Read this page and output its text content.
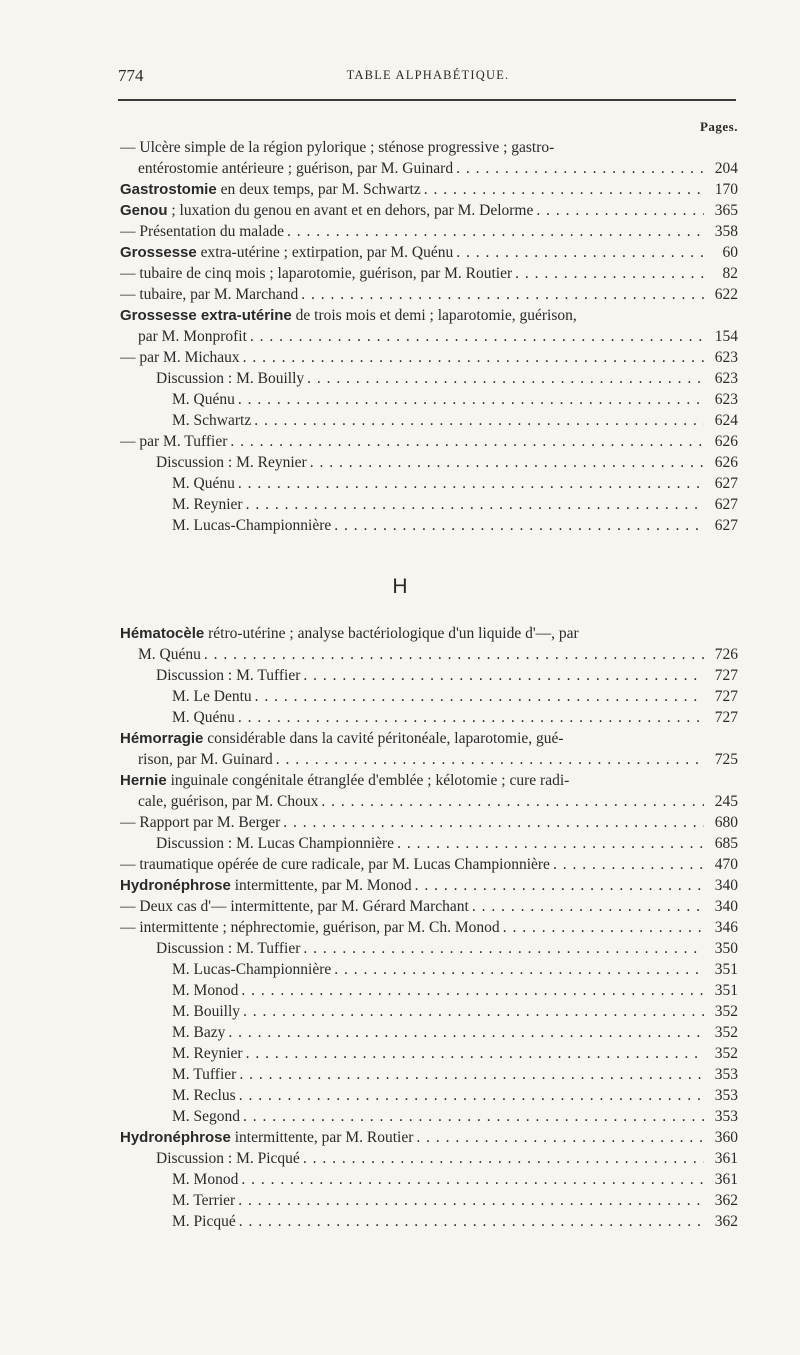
774	TABLE ALPHABÉTIQUE.
Pages.
— Ulcère simple de la région pylorique ; sténose progressive ; gastro-
entérostomie antérieure ; guérison, par M. Guinard . . .	204
Gastrostomie en deux temps, par M. Schwartz . . .	170
Genou ; luxation du genou en avant et en dehors, par M. Delorme . . .	365
— Présentation du malade . . .	358
Grossesse extra-utérine ; extirpation, par M. Quénu . . .	60
— tubaire de cinq mois ; laparotomie, guérison, par M. Routier . . .	82
— tubaire, par M. Marchand . . .	622
Grossesse extra-utérine de trois mois et demi ; laparotomie, guérison,
par M. Monprofit . . .	154
— par M. Michaux . . .	623
Discussion : M. Bouilly . . .	623
M. Quénu . . .	623
M. Schwartz . . .	624
— par M. Tuffier . . .	626
Discussion : M. Reynier . . .	626
M. Quénu . . .	627
M. Reynier . . .	627
M. Lucas-Championnière . . .	627
H
Hématocèle rétro-utérine ; analyse bactériologique d'un liquide d'—, par
M. Quénu . . .	726
Discussion : M. Tuffier . . .	727
M. Le Dentu . . .	727
M. Quénu . . .	727
Hémorragie considérable dans la cavité péritonéale, laparotomie, gué-
rison, par M. Guinard . . .	725
Hernie inguinale congénitale étranglée d'emblée ; kélotomie ; cure radi-
cale, guérison, par M. Choux . . .	245
— Rapport par M. Berger . . .	680
Discussion : M. Lucas Championnière . . .	685
— traumatique opérée de cure radicale, par M. Lucas Championnière . . .	470
Hydronéphrose intermittente, par M. Monod . . .	340
— Deux cas d'— intermittente, par M. Gérard Marchant . . .	340
— intermittente ; néphrectomie, guérison, par M. Ch. Monod . . .	346
Discussion : M. Tuffier . . .	350
M. Lucas-Championnière . . .	351
M. Monod . . .	351
M. Bouilly . . .	352
M. Bazy . . .	352
M. Reynier . . .	352
M. Tuffier . . .	353
M. Reclus . . .	353
M. Segond . . .	353
Hydronéphrose intermittente, par M. Routier . . .	360
Discussion : M. Picqué . . .	361
M. Monod . . .	361
M. Terrier . . .	362
M. Picqué . . .	362
